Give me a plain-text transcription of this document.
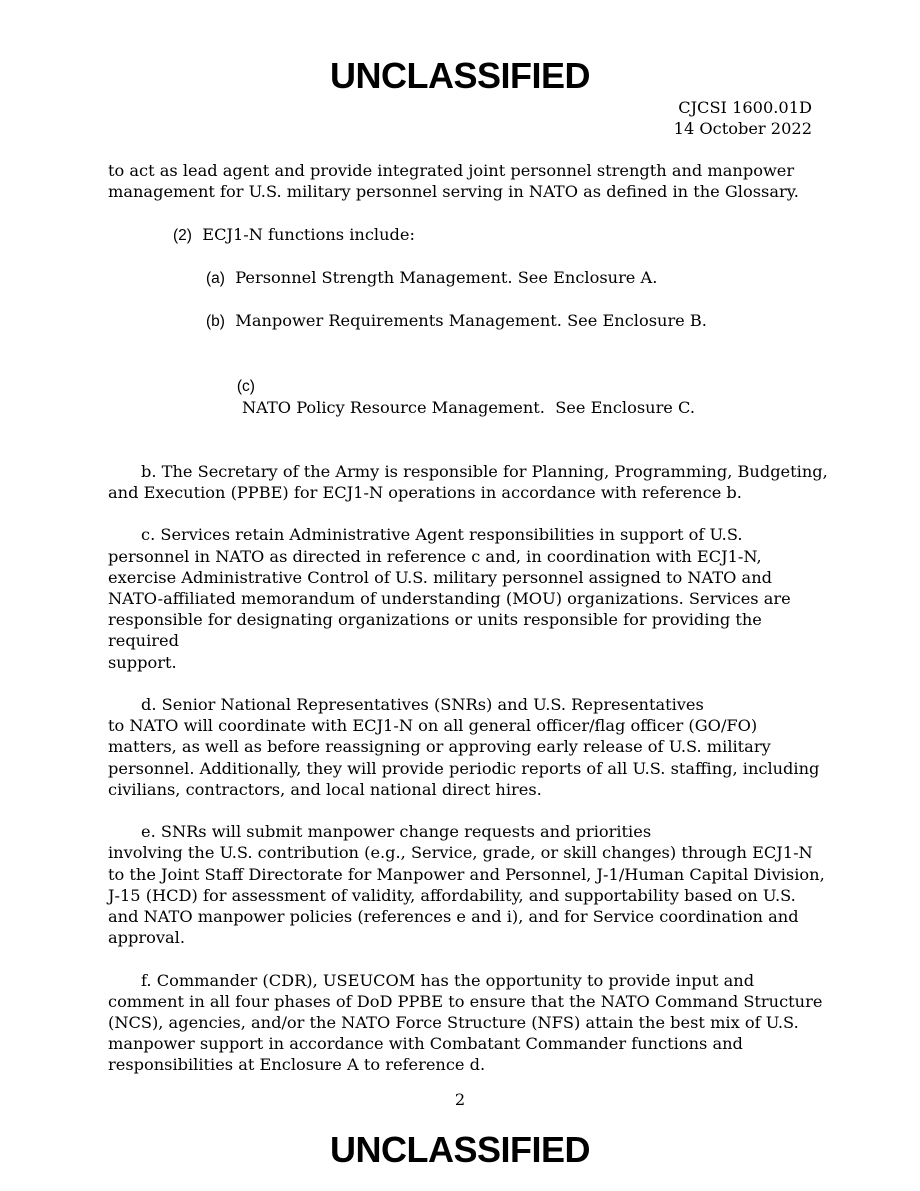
UNCLASSIFIED
CJCSI 1600.01D
14 October 2022

to act as lead agent and provide integrated joint personnel strength and manpower management for U.S. military personnel serving in NATO as defined in the Glossary.

(2) ECJ1-N functions include:
(a) Personnel Strength Management. See Enclosure A.
(b) Manpower Requirements Management. See Enclosure B.

(c)
NATO Policy Resource Management.  See Enclosure C.

b. The Secretary of the Army is responsible for Planning, Programming, Budgeting, and Execution (PPBE) for ECJ1-N operations in accordance with reference b.

c. Services retain Administrative Agent responsibilities in support of U.S. personnel in NATO as directed in reference c and, in coordination with ECJ1-N, exercise Administrative Control of U.S. military personnel assigned to NATO and NATO-affiliated memorandum of understanding (MOU) organizations. Services are responsible for designating organizations or units responsible for providing the required
support.

d. Senior National Representatives (SNRs) and U.S. Representatives
to NATO will coordinate with ECJ1-N on all general officer/flag officer (GO/FO) matters, as well as before reassigning or approving early release of U.S. military personnel. Additionally, they will provide periodic reports of all U.S. staffing, including civilians, contractors, and local national direct hires.

e. SNRs will submit manpower change requests and priorities
involving the U.S. contribution (e.g., Service, grade, or skill changes) through ECJ1-N to the Joint Staff Directorate for Manpower and Personnel, J-1/Human Capital Division, J-15 (HCD) for assessment of validity, affordability, and supportability based on U.S. and NATO manpower policies (references e and i), and for Service coordination and approval.

f. Commander (CDR), USEUCOM has the opportunity to provide input and comment in all four phases of DoD PPBE to ensure that the NATO Command Structure (NCS), agencies, and/or the NATO Force Structure (NFS) attain the best mix of U.S. manpower support in accordance with Combatant Commander functions and responsibilities at Enclosure A to reference d.

2
UNCLASSIFIED
